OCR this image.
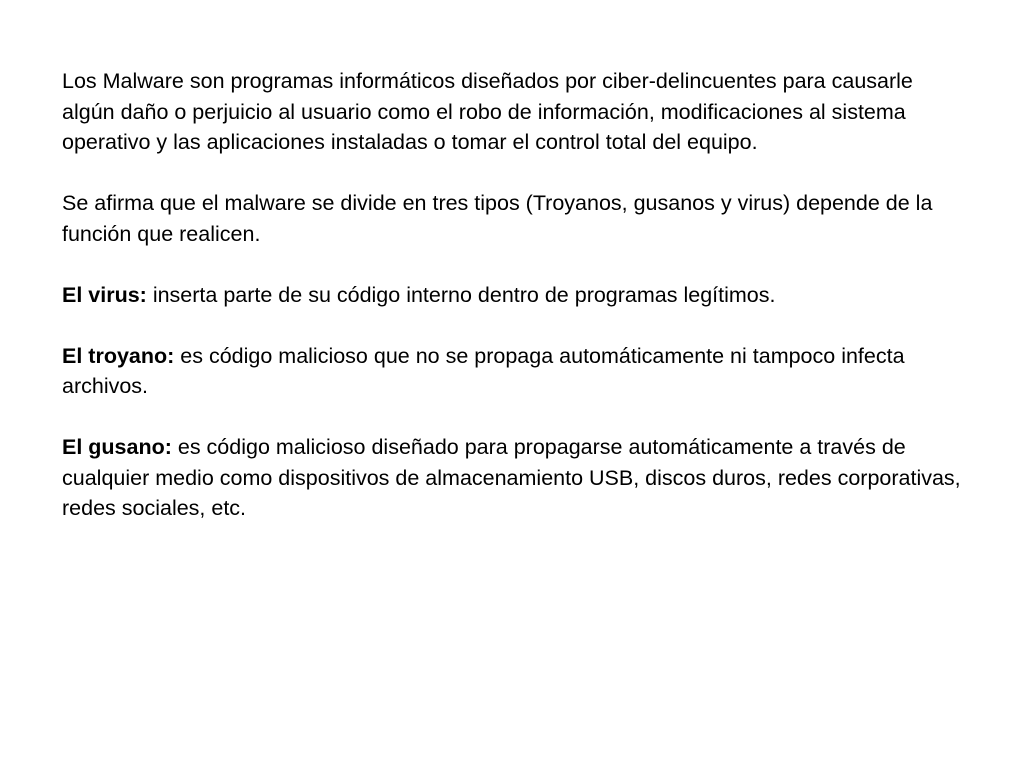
Los Malware son programas informáticos diseñados por ciber-delincuentes para causarle algún daño o perjuicio al usuario como el robo de información, modificaciones al sistema operativo y las aplicaciones instaladas o tomar el control total del equipo.

Se afirma que el malware se divide en tres tipos (Troyanos, gusanos y virus) depende de la función que realicen.

El virus: inserta parte de su código interno dentro de programas legítimos.

El troyano: es código malicioso que no se propaga automáticamente ni tampoco infecta archivos.

El gusano: es código malicioso diseñado para propagarse automáticamente a través de cualquier medio como dispositivos de almacenamiento USB, discos duros, redes corporativas, redes sociales, etc.
